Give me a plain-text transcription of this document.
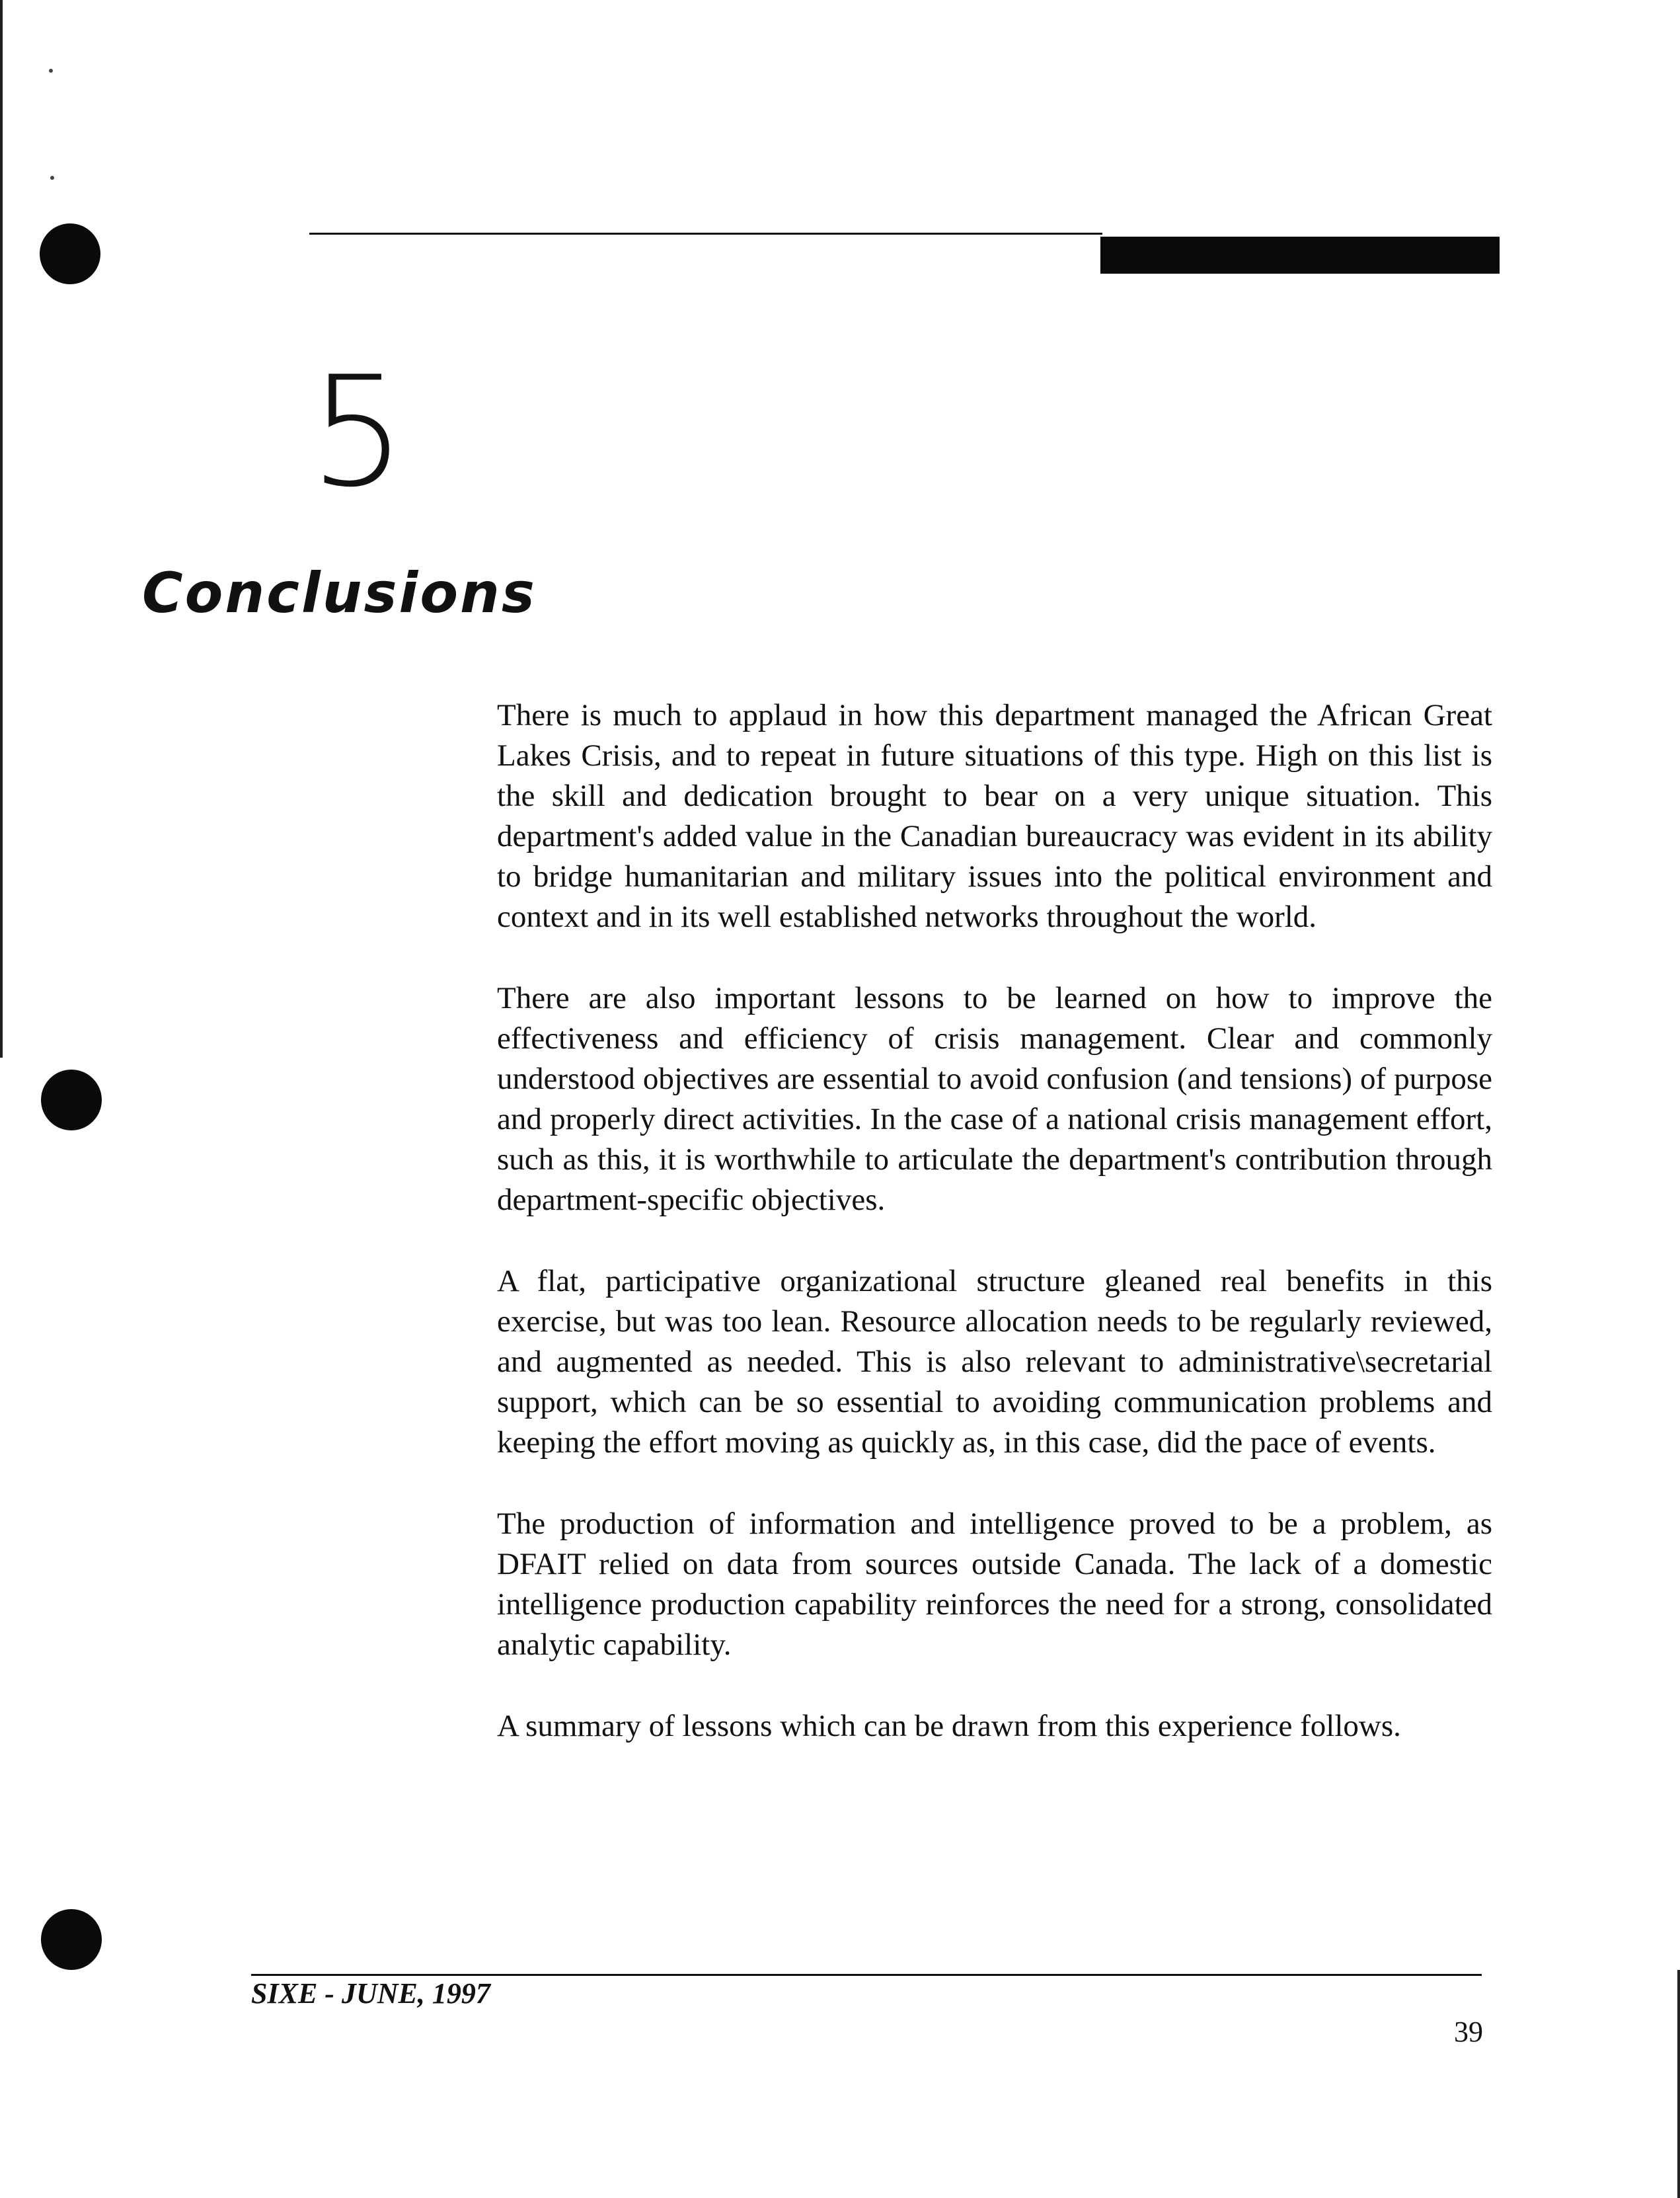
5
Conclusions

There is much to applaud in how this department managed the African Great Lakes Crisis, and to repeat in future situations of this type. High on this list is the skill and dedication brought to bear on a very unique situation. This department's added value in the Canadian bureaucracy was evident in its ability to bridge humanitarian and military issues into the political environment and context and in its well established networks throughout the world.

There are also important lessons to be learned on how to improve the effectiveness and efficiency of crisis management. Clear and commonly understood objectives are essential to avoid confusion (and tensions) of purpose and properly direct activities. In the case of a national crisis management effort, such as this, it is worthwhile to articulate the department's contribution through department-specific objectives.

A flat, participative organizational structure gleaned real benefits in this exercise, but was too lean. Resource allocation needs to be regularly reviewed, and augmented as needed. This is also relevant to administrative\secretarial support, which can be so essential to avoiding communication problems and keeping the effort moving as quickly as, in this case, did the pace of events.

The production of information and intelligence proved to be a problem, as DFAIT relied on data from sources outside Canada. The lack of a domestic intelligence production capability reinforces the need for a strong, consolidated analytic capability.

A summary of lessons which can be drawn from this experience follows.

SIXE - JUNE, 1997
39
